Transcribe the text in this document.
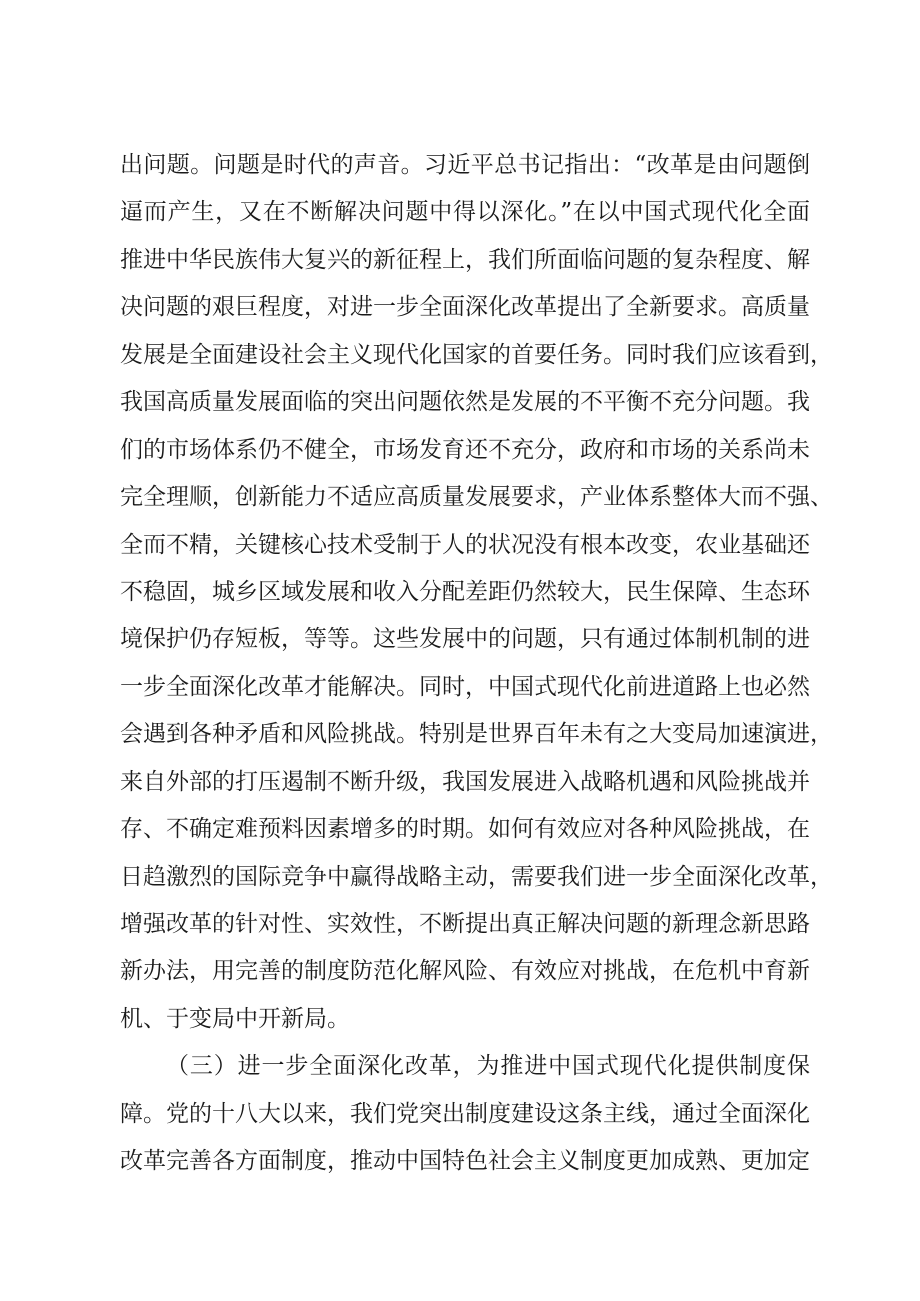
出问题。问题是时代的声音。习近平总书记指出：“改革是由问题倒
逼而产生，又在不断解决问题中得以深化。”在以中国式现代化全面
推进中华民族伟大复兴的新征程上，我们所面临问题的复杂程度、解
决问题的艰巨程度，对进一步全面深化改革提出了全新要求。高质量
发展是全面建设社会主义现代化国家的首要任务。同时我们应该看到，
我国高质量发展面临的突出问题依然是发展的不平衡不充分问题。我
们的市场体系仍不健全，市场发育还不充分，政府和市场的关系尚未
完全理顺，创新能力不适应高质量发展要求，产业体系整体大而不强、
全而不精，关键核心技术受制于人的状况没有根本改变，农业基础还
不稳固，城乡区域发展和收入分配差距仍然较大，民生保障、生态环
境保护仍存短板，等等。这些发展中的问题，只有通过体制机制的进
一步全面深化改革才能解决。同时，中国式现代化前进道路上也必然
会遇到各种矛盾和风险挑战。特别是世界百年未有之大变局加速演进，
来自外部的打压遏制不断升级，我国发展进入战略机遇和风险挑战并
存、不确定难预料因素增多的时期。如何有效应对各种风险挑战，在
日趋激烈的国际竞争中赢得战略主动，需要我们进一步全面深化改革，
增强改革的针对性、实效性，不断提出真正解决问题的新理念新思路
新办法，用完善的制度防范化解风险、有效应对挑战，在危机中育新
机、于变局中开新局。
（三）进一步全面深化改革，为推进中国式现代化提供制度保
障。党的十八大以来，我们党突出制度建设这条主线，通过全面深化
改革完善各方面制度，推动中国特色社会主义制度更加成熟、更加定
